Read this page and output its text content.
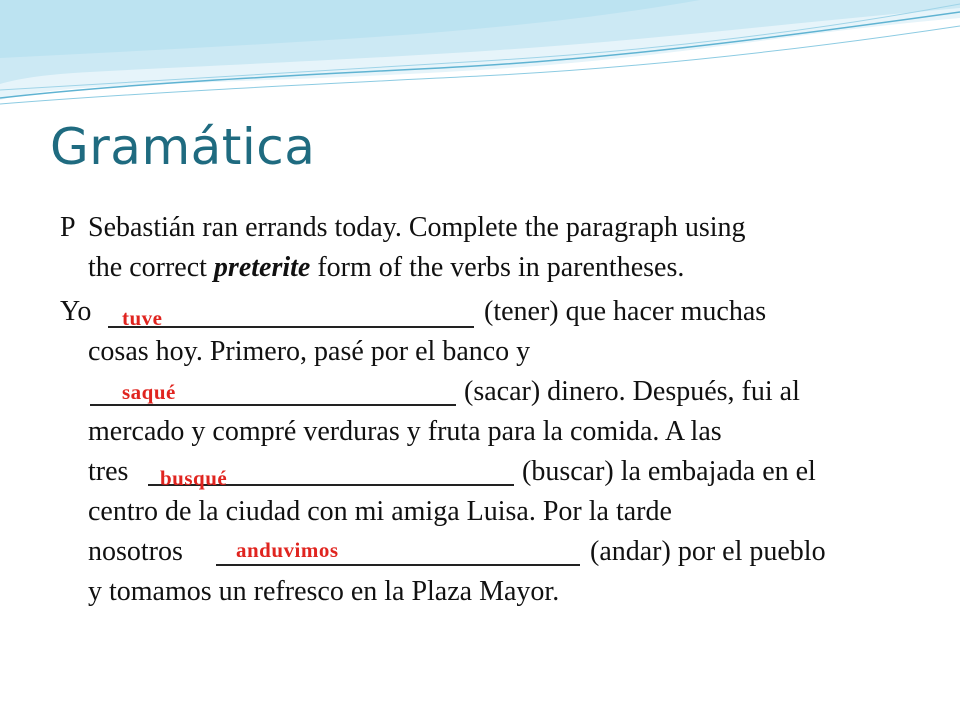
Gramática
P Sebastián ran errands today. Complete the paragraph using
the correct preterite form of the verbs in parentheses.
Yo tuve	(tener) que hacer muchas
cosas hoy. Primero, pasé por el banco y
saqué	(sacar) dinero. Después, fui al
mercado y compré verduras y fruta para la comida. A las
tres busqué	(buscar) la embajada en el
centro de la ciudad con mi amiga Luisa. Por la tarde
nosotros	anduvimos	(andar) por el pueblo
y tomamos un refresco en la Plaza Mayor.
